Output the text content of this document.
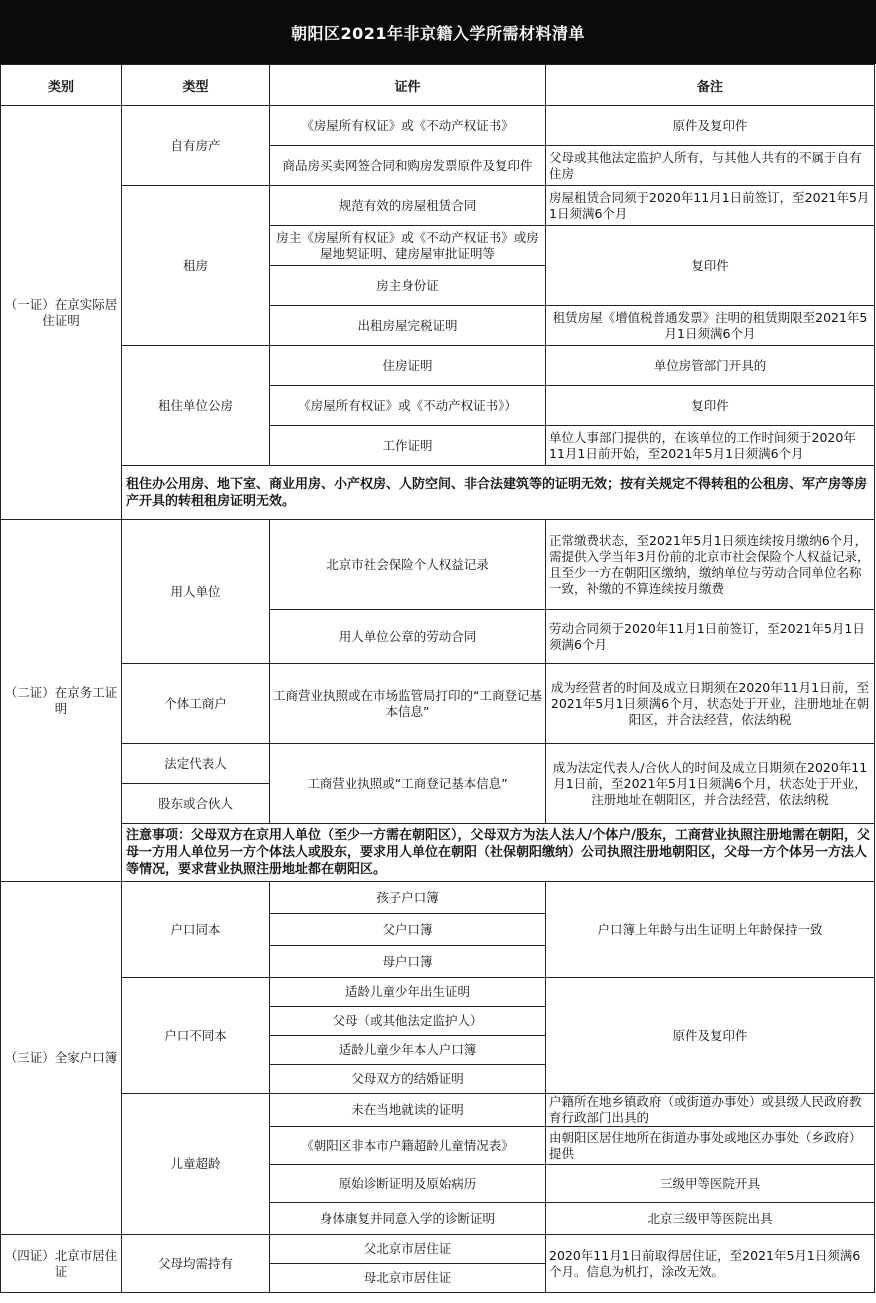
朝阳区2021年非京籍入学所需材料清单
类别	类型	证件	备注
（一证）在京实际居住证明	自有房产	《房屋所有权证》或《不动产权证书》	原件及复印件
		商品房买卖网签合同和购房发票原件及复印件	父母或其他法定监护人所有，与其他人共有的不属于自有住房
	租房	规范有效的房屋租赁合同	房屋租赁合同须于2020年11月1日前签订，至2021年5月1日须满6个月
		房主《房屋所有权证》或《不动产权证书》或房屋地契证明、建房屋审批证明等	复印件
		房主身份证	
		出租房屋完税证明	租赁房屋《增值税普通发票》注明的租赁期限至2021年5月1日须满6个月
	租住单位公房	住房证明	单位房管部门开具的
		《房屋所有权证》或《不动产权证书》）	复印件
		工作证明	单位人事部门提供的，在该单位的工作时间须于2020年11月1日前开始，至2021年5月1日须满6个月
	租住办公用房、地下室、商业用房、小产权房、人防空间、非合法建筑等的证明无效；按有关规定不得转租的公租房、军产房等房产开具的转租租房证明无效。		

（二证）在京务工证明	用人单位	北京市社会保险个人权益记录	正常缴费状态，至2021年5月1日须连续按月缴纳6个月，需提供入学当年3月份前的北京市社会保险个人权益记录，且至少一方在朝阳区缴纳，缴纳单位与劳动合同单位名称一致，补缴的不算连续按月缴费
		用人单位公章的劳动合同	劳动合同须于2020年11月1日前签订，至2021年5月1日须满6个月
	个体工商户	工商营业执照或在市场监管局打印的“工商登记基本信息”	成为经营者的时间及成立日期须在2020年11月1日前，至2021年5月1日须满6个月，状态处于开业，注册地址在朝阳区，并合法经营，依法纳税
	法定代表人	工商营业执照或“工商登记基本信息”	成为法定代表人/合伙人的时间及成立日期须在2020年11月1日前，至2021年5月1日须满6个月，状态处于开业，注册地址在朝阳区，并合法经营，依法纳税
	股东或合伙人		
	注意事项：父母双方在京用人单位（至少一方需在朝阳区），父母双方为法人法人/个体户/股东，工商营业执照注册地需在朝阳，父母一方用人单位另一方个体法人或股东，要求用人单位在朝阳（社保朝阳缴纳）公司执照注册地朝阳区，父母一方个体另一方法人等情况，要求营业执照注册地址都在朝阳区。		

（三证）全家户口簿	户口同本	孩子户口簿	户口簿上年龄与出生证明上年龄保持一致
		父户口簿	
		母户口簿	
	户口不同本	适龄儿童少年出生证明	原件及复印件
		父母（或其他法定监护人）	
		适龄儿童少年本人户口簿	
		父母双方的结婚证明	
	儿童超龄	未在当地就读的证明	户籍所在地乡镇政府（或街道办事处）或县级人民政府教育行政部门出具的
		《朝阳区非本市户籍超龄儿童情况表》	由朝阳区居住地所在街道办事处或地区办事处（乡政府）提供
		原始诊断证明及原始病历	三级甲等医院开具
		身体康复并同意入学的诊断证明	北京三级甲等医院出具
（四证）北京市居住证	父母均需持有	父北京市居住证	2020年11月1日前取得居住证，至2021年5月1日须满6个月。信息为机打，涂改无效。
		母北京市居住证	
